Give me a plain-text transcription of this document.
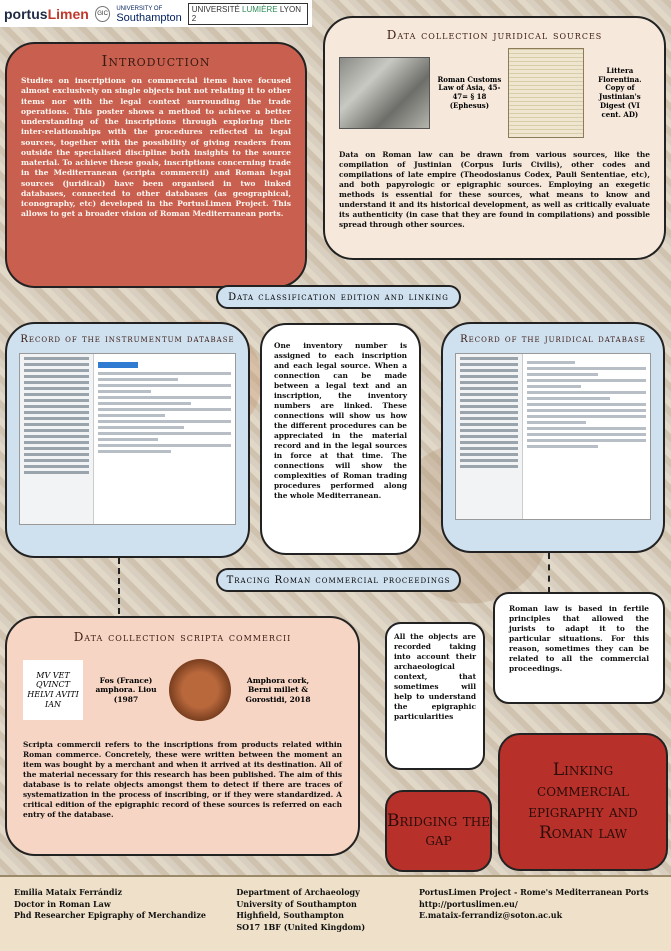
portusLimen	GIC
UNIVERSITY OF
Southampton
UNIVERSITÉ LUMIÈRE LYON 2
Introduction
Studies on inscriptions on commercial items have focused almost exclusively on single objects but not relating it to other items nor with the legal context surrounding the trade operations. This poster shows a method to achieve a better understanding of the inscriptions through exploring their inter-relationships with the procedures reflected in legal sources, together with the possibility of giving readers from outside the specialised discipline both insights to the source material. To achieve these goals, inscriptions concerning trade in the Mediterranean (scripta commercii) and Roman legal sources (juridical) have been organised in two linked databases, connected to other databases (as geographical, iconography, etc) developed in the PortusLimen Project. This allows to get a broader vision of Roman Mediterranean ports.
Data collection juridical sources
Roman Customs Law of Asia, 45-47= § 18 (Ephesus)
Littera Florentina. Copy of Justinian's Digest (VI cent. AD)
Data on Roman law can be drawn from various sources, like the compilation of Justinian (Corpus Iuris Civilis), other codes and compilations of late empire (Theodosianus Codex, Pauli Sententiae, etc), and both papyrologic or epigraphic sources. Employing an exegetic methods is essential for these sources, what means to know and understand it and its historical development, as well as critically evaluate its authenticity (in case that they are found in compilations) and possible spread through other sources.
Data classification edition and linking
Record of the instrumentum database
One inventory number is assigned to each inscription and each legal source. When a connection can be made between a legal text and an inscription, the inventory numbers are linked. These connections will show us how the different procedures can be appreciated in the material record and in the legal sources in force at that time. The connections will show the complexities of Roman trading procedures performed along the whole Mediterranean.
Record of the juridical database
Tracing Roman commercial proceedings
Data collection scripta commercii
MV VET QVINCT HELVI AVITI IAN
Fos (France) amphora. Liou (1987
Amphora cork, Berni millet & Gorostidi, 2018
Scripta commercii refers to the inscriptions from products related within Roman commerce. Concretely, these were written between the moment an item was bought by a merchant and when it arrived at its destination. All of the material necessary for this research has been published. The aim of this database is to relate objects amongst them to detect if there are traces of systematization in the process of inscribing, or if they were standardized. A critical edition of the epigraphic record of these sources is referred on each entry of the database.
All the objects are recorded taking into account their archaeological context, that sometimes will help to understand the epigraphic particularities
Roman law is based in fertile principles that allowed the jurists to adapt it to the particular situations. For this reason, sometimes they can be related to all the commercial proceedings.
Bridging the gap
Linking commercial epigraphy and Roman law
Emilia Mataix Ferrándiz
Doctor in Roman Law
Phd Researcher Epigraphy of Merchandize
Department of Archaeology
University of Southampton
Highfield, Southampton
SO17 1BF (United Kingdom)
PortusLimen Project - Rome's Mediterranean Ports
http://portuslimen.eu/
E.mataix-ferrandiz@soton.ac.uk
